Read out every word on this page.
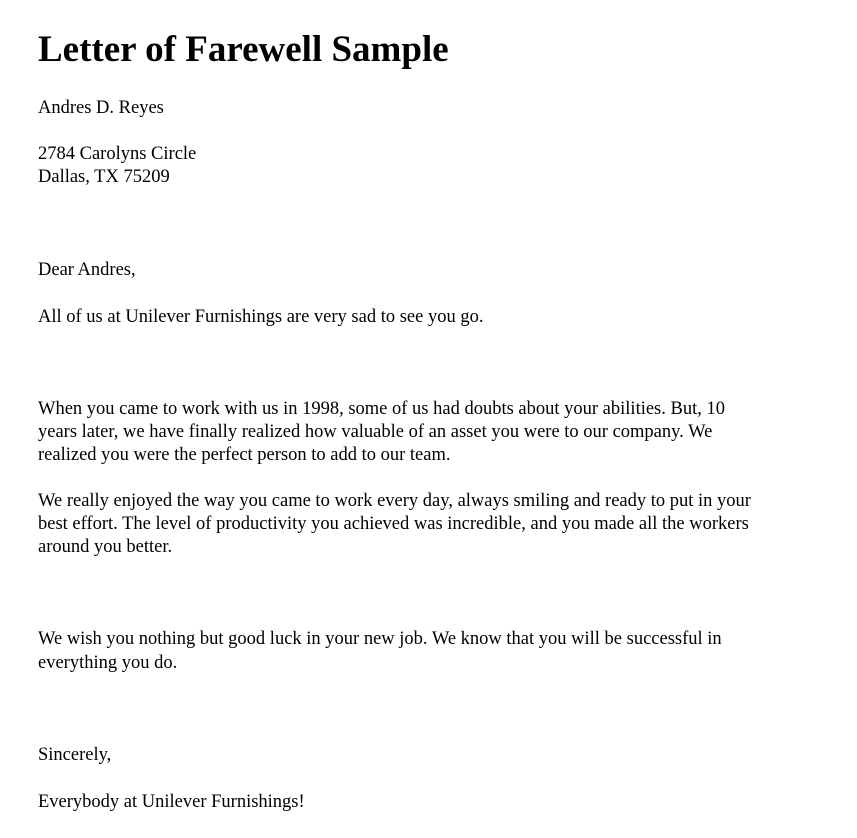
Letter of Farewell Sample

Andres D. Reyes

2784 Carolyns Circle

Dallas, TX 75209

Dear Andres,

All of us at Unilever Furnishings are very sad to see you go.

When you came to work with us in 1998, some of us had doubts about your abilities. But, 10

years later, we have finally realized how valuable of an asset you were to our company. We

realized you were the perfect person to add to our team.

We really enjoyed the way you came to work every day, always smiling and ready to put in your

best effort. The level of productivity you achieved was incredible, and you made all the workers

around you better.

We wish you nothing but good luck in your new job. We know that you will be successful in

everything you do.

Sincerely,

Everybody at Unilever Furnishings!
